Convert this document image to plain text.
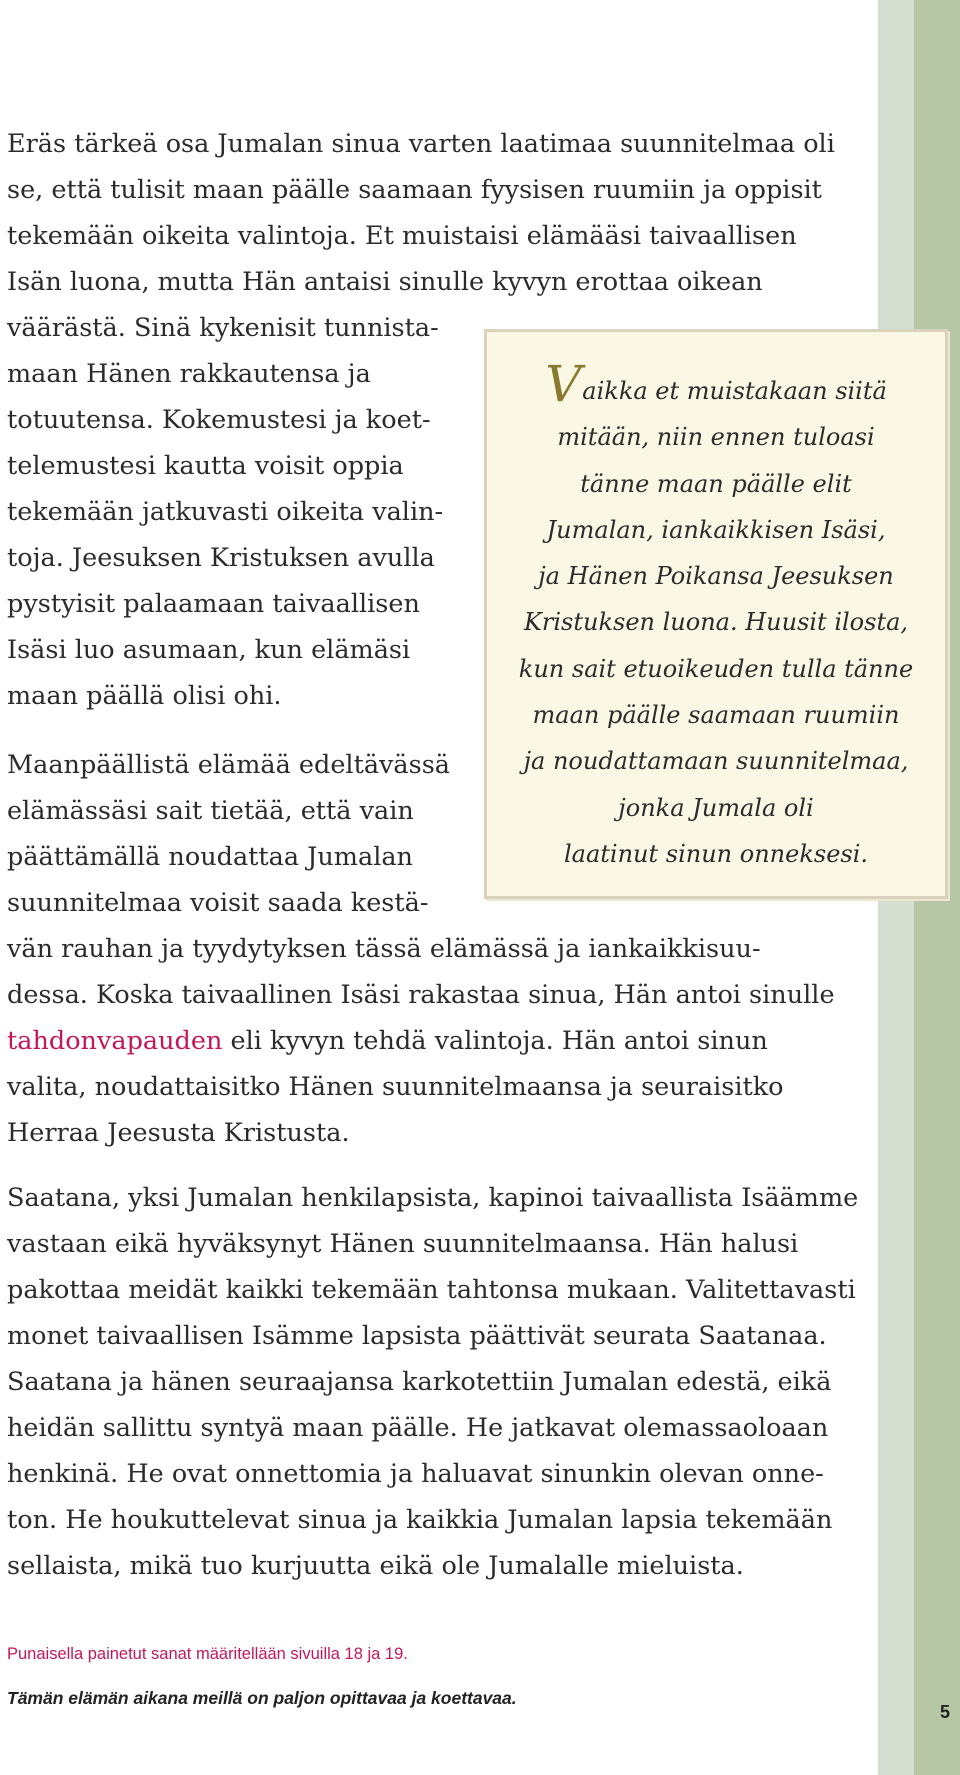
Eräs tärkeä osa Jumalan sinua varten laatimaa suunnitelmaa oli
se, että tulisit maan päälle saamaan fyysisen ruumiin ja oppisit
tekemään oikeita valintoja. Et muistaisi elämääsi taivaallisen
Isän luona, mutta Hän antaisi sinulle kyvyn erottaa oikean
väärästä. Sinä kykenisit tunnista-
maan Hänen rakkautensa ja
totuutensa. Kokemustesi ja koet-
telemustesi kautta voisit oppia
tekemään jatkuvasti oikeita valin-
toja. Jeesuksen Kristuksen avulla
pystyisit palaamaan taivaallisen
Isäsi luo asumaan, kun elämäsi
maan päällä olisi ohi.
Maanpäällistä elämää edeltävässä
elämässäsi sait tietää, että vain
päättämällä noudattaa Jumalan
suunnitelmaa voisit saada kestä-
vän rauhan ja tyydytyksen tässä elämässä ja iankaikkisuu-
dessa. Koska taivaallinen Isäsi rakastaa sinua, Hän antoi sinulle
tahdonvapauden eli kyvyn tehdä valintoja. Hän antoi sinun
valita, noudattaisitko Hänen suunnitelmaansa ja seuraisitko
Herraa Jeesusta Kristusta.
Saatana, yksi Jumalan henkilapsista, kapinoi taivaallista Isäämme
vastaan eikä hyväksynyt Hänen suunnitelmaansa. Hän halusi
pakottaa meidät kaikki tekemään tahtonsa mukaan. Valitettavasti
monet taivaallisen Isämme lapsista päättivät seurata Saatanaa.
Saatana ja hänen seuraajansa karkotettiin Jumalan edestä, eikä
heidän sallittu syntyä maan päälle. He jatkavat olemassaoloaan
henkinä. He ovat onnettomia ja haluavat sinunkin olevan onne-
ton. He houkuttelevat sinua ja kaikkia Jumalan lapsia tekemään
sellaista, mikä tuo kurjuutta eikä ole Jumalalle mieluista.

Vaikka et muistakaan siitä
mitään, niin ennen tuloasi
tänne maan päälle elit
Jumalan, iankaikkisen Isäsi,
ja Hänen Poikansa Jeesuksen
Kristuksen luona. Huusit ilosta,
kun sait etuoikeuden tulla tänne
maan päälle saamaan ruumiin
ja noudattamaan suunnitelmaa,
jonka Jumala oli
laatinut sinun onneksesi.

Punaisella painetut sanat määritellään sivuilla 18 ja 19.

Tämän elämän aikana meillä on paljon opittavaa ja koettavaa.

5
